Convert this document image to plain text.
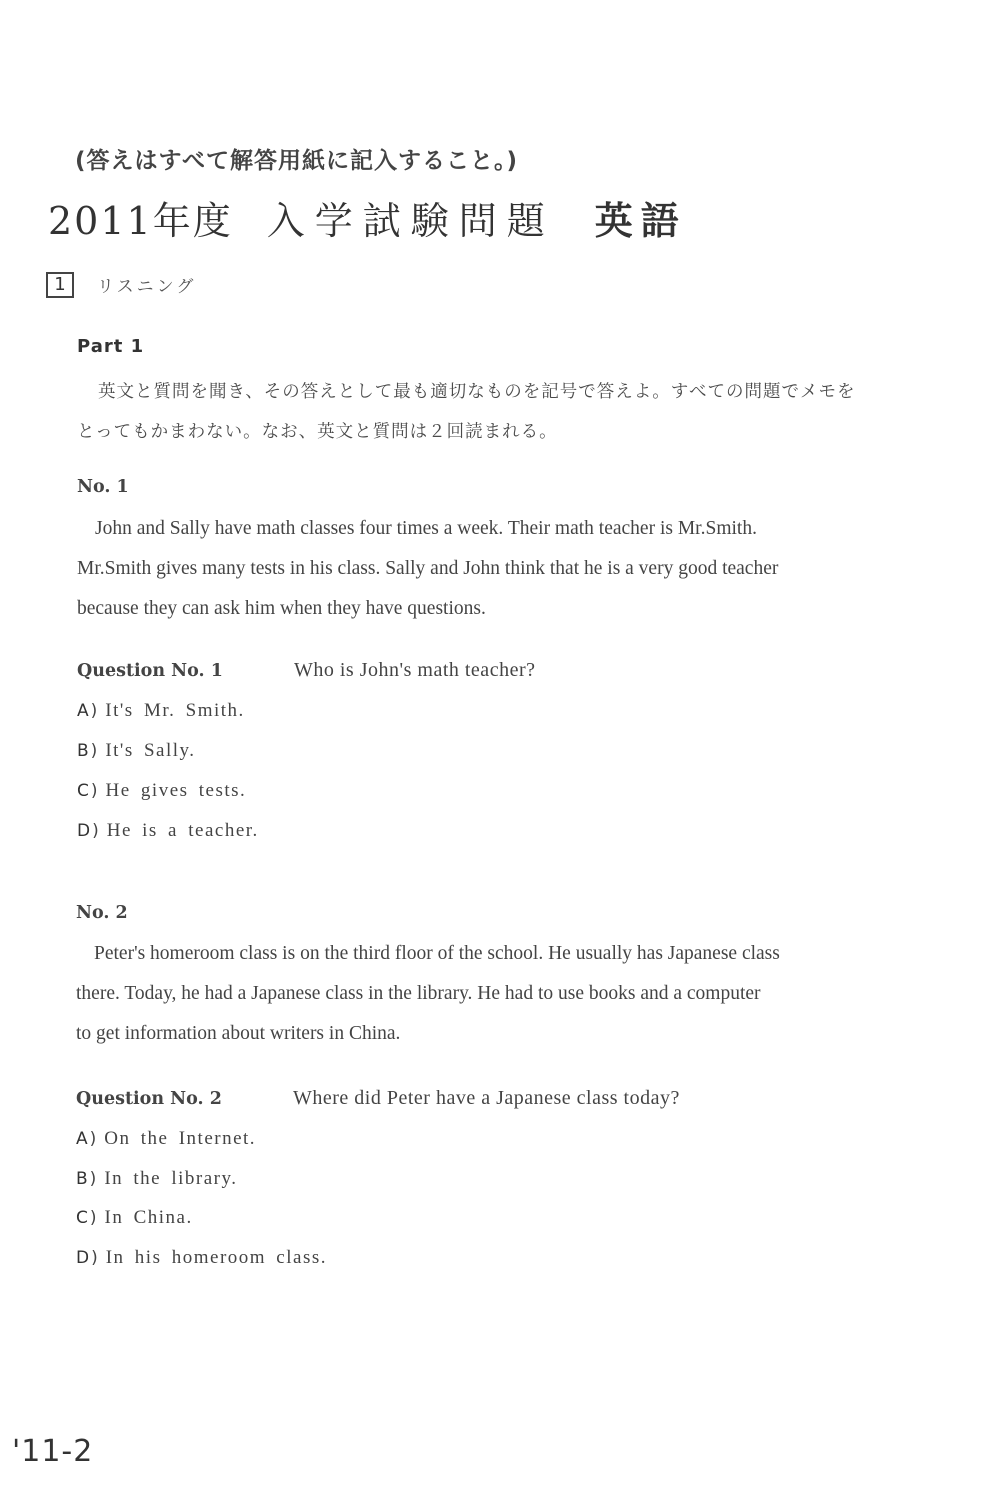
(答えはすべて解答用紙に記入すること。)
2011年度 入学試験問題 英語
1	リスニング
Part 1
英文と質問を聞き、その答えとして最も適切なものを記号で答えよ。すべての問題でメモを
とってもかまわない。なお、英文と質問は２回読まれる。
No. 1
John and Sally have math classes four times a week. Their math teacher is Mr.Smith.
Mr.Smith gives many tests in his class. Sally and John think that he is a very good teacher
because they can ask him when they have questions.
Question No. 1	Who is John's math teacher?
A ) It's Mr. Smith.
B ) It's Sally.
C ) He gives tests.
D ) He is a teacher.
No. 2
Peter's homeroom class is on the third floor of the school. He usually has Japanese class
there. Today, he had a Japanese class in the library. He had to use books and a computer
to get information about writers in China.
Question No. 2	Where did Peter have a Japanese class today?
A ) On the Internet.
B ) In the library.
C ) In China.
D ) In his homeroom class.
'11-2
